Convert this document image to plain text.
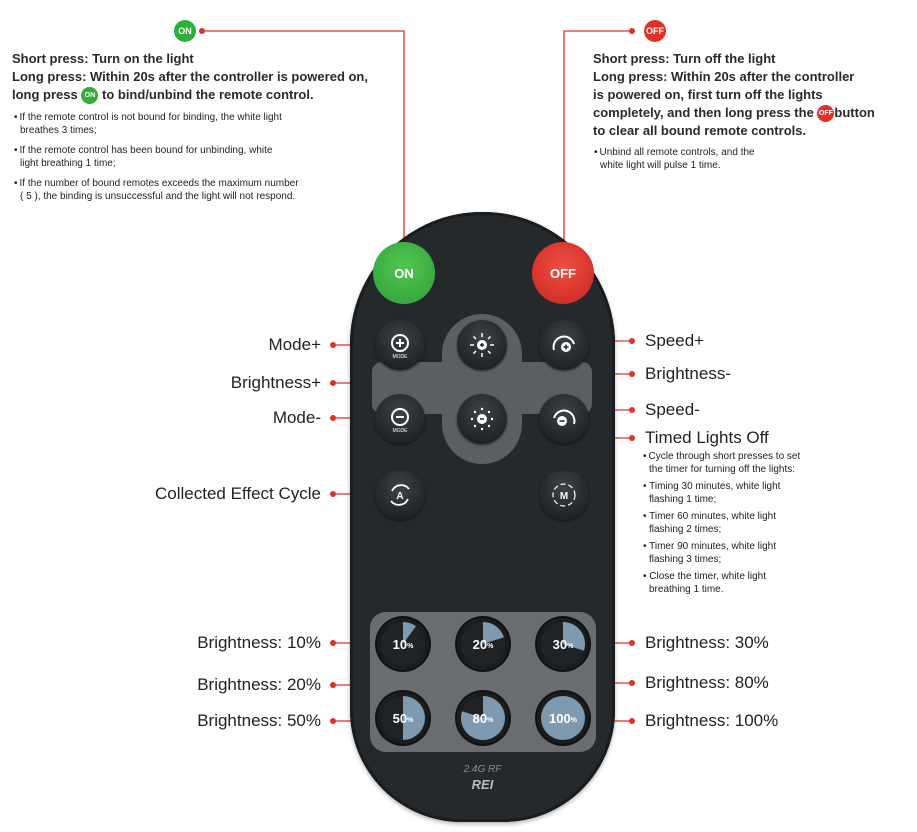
ON

Short press: Turn on the light

Long press: Within 20s after the controller is powered on,

long press ON to bind/unbind the remote control.

• If the remote control is not bound for binding, the white light
breathes 3 times;
• If the remote control has been bound for unbinding, white
light breathing 1 time;
• If the number of bound remotes exceeds the maximum number
( 5 ), the binding is unsuccessful and the light will not respond.
OFF

Short press: Turn off the light

Long press: Within 20s after the controller

is powered on, first turn off the lights

completely, and then long press the OFF button

to clear all bound remote controls.

• Unbind all remote controls, and the
white light will pulse 1 time.
Mode+
Brightness+
Mode-
Collected Effect Cycle
Brightness: 10%
Brightness: 20%
Brightness: 50%
Speed+
Brightness-
Speed-
Timed Lights Off
• Cycle through short presses to set
the timer for turning off the lights:
• Timing 30 minutes, white light
flashing 1 time;
• Timer 60 minutes, white light
flashing 2 times;
• Timer 90 minutes, white light
flashing 3 times;
• Close the timer, white light
breathing 1 time.
Brightness: 30%
Brightness: 80%
Brightness: 100%
ON	OFF
MODE
MODE
A	M
10 %	20 %	30 %
50 %	80 %	100 %
2.4G RF
REI
